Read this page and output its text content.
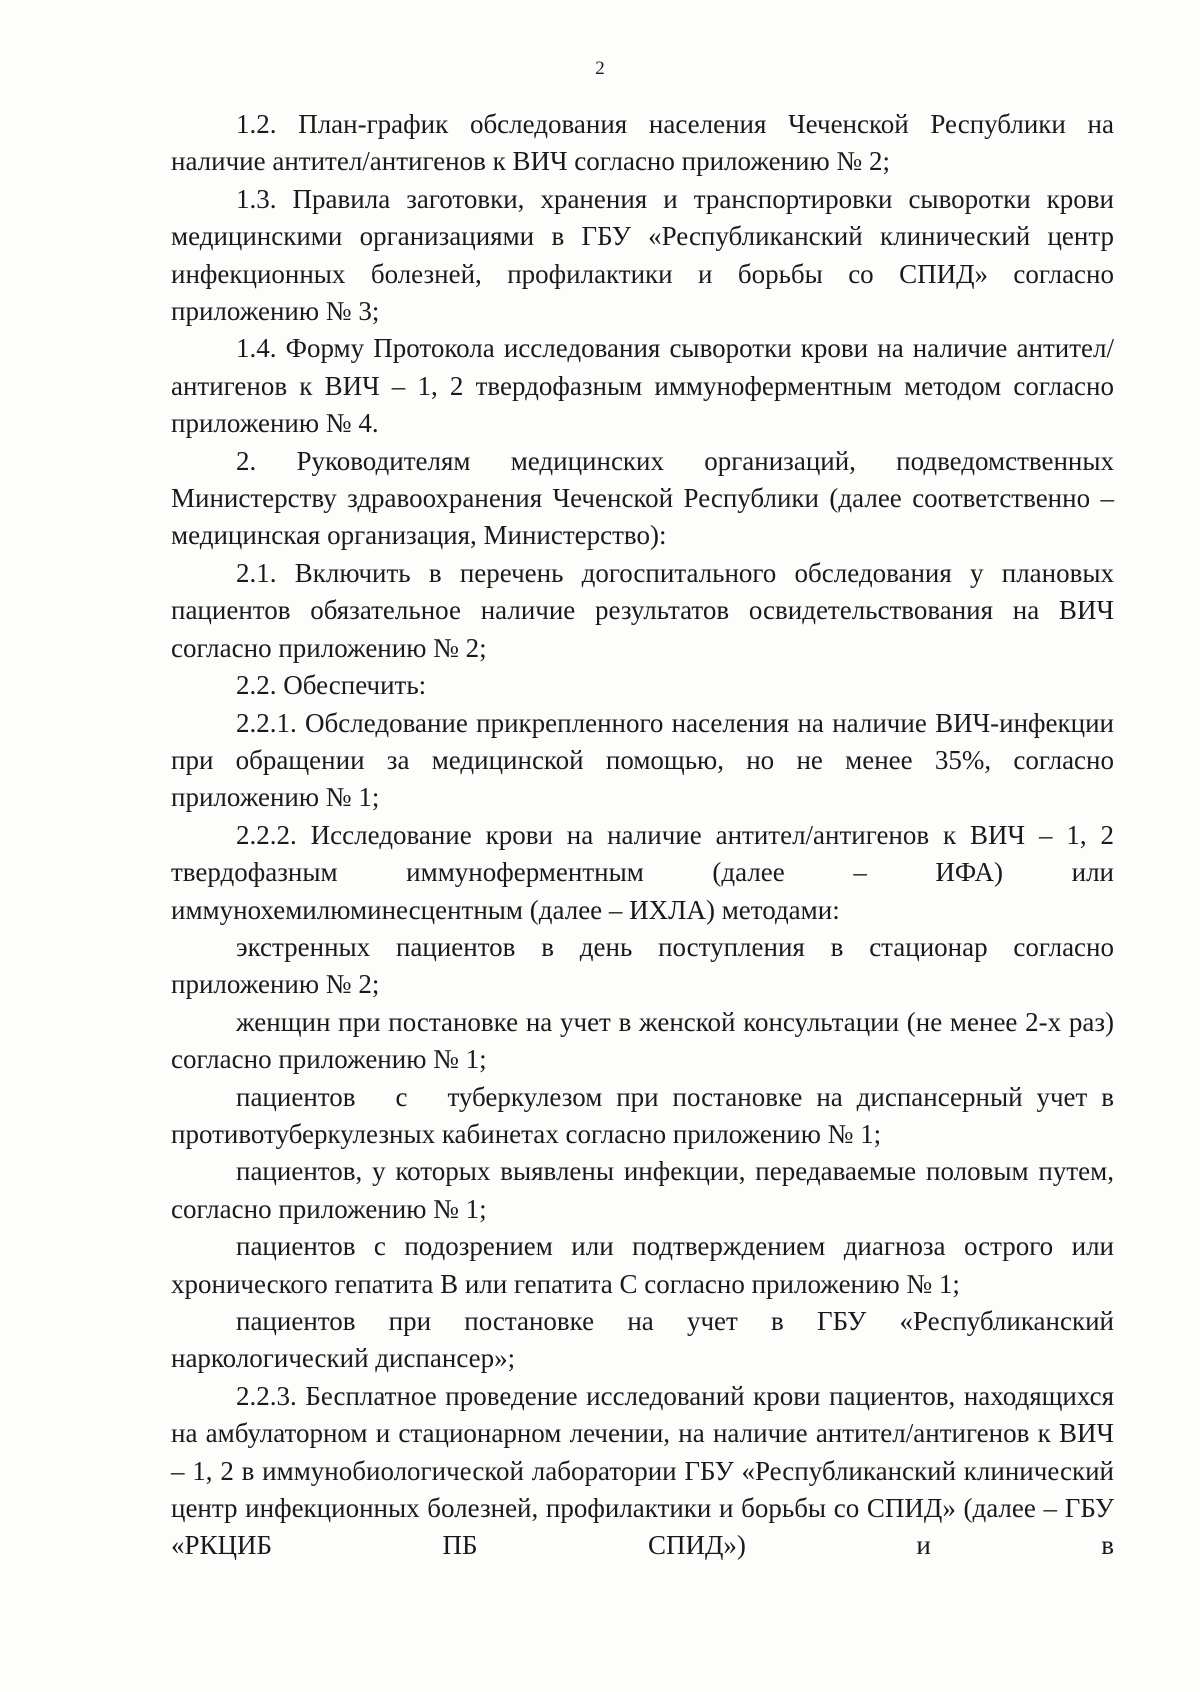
2

1.2. План-график обследования населения Чеченской Республики на наличие антител/антигенов к ВИЧ согласно приложению № 2;

1.3. Правила заготовки, хранения и транспортировки сыворотки крови медицинскими организациями в ГБУ «Республиканский клинический центр инфекционных болезней, профилактики и борьбы со СПИД» согласно приложению № 3;

1.4. Форму Протокола исследования сыворотки крови на наличие антител/антигенов к ВИЧ – 1, 2 твердофазным иммуноферментным методом согласно приложению № 4.

2. Руководителям медицинских организаций, подведомственных Министерству здравоохранения Чеченской Республики (далее соответственно – медицинская организация, Министерство):

2.1. Включить в перечень догоспитального обследования у плановых пациентов обязательное наличие результатов освидетельствования на ВИЧ согласно приложению № 2;

2.2. Обеспечить:

2.2.1. Обследование прикрепленного населения на наличие ВИЧ-инфекции при обращении за медицинской помощью, но не менее 35%, согласно приложению № 1;

2.2.2. Исследование крови на наличие антител/антигенов к ВИЧ – 1, 2 твердофазным иммуноферментным (далее – ИФА) или иммунохемилюминесцентным (далее – ИХЛА) методами:

экстренных пациентов в день поступления в стационар согласно приложению № 2;

женщин при постановке на учет в женской консультации (не менее 2-х раз) согласно приложению № 1;

пациентов с туберкулезом при постановке на диспансерный учет в противотуберкулезных кабинетах согласно приложению № 1;

пациентов, у которых выявлены инфекции, передаваемые половым путем, согласно приложению № 1;

пациентов с подозрением или подтверждением диагноза острого или хронического гепатита В или гепатита С согласно приложению № 1;

пациентов при постановке на учет в ГБУ «Республиканский наркологический диспансер»;

2.2.3. Бесплатное проведение исследований крови пациентов, находящихся на амбулаторном и стационарном лечении, на наличие антител/антигенов к ВИЧ – 1, 2 в иммунобиологической лаборатории ГБУ «Республиканский клинический центр инфекционных болезней, профилактики и борьбы со СПИД» (далее – ГБУ «РКЦИБ ПБ СПИД») и в
